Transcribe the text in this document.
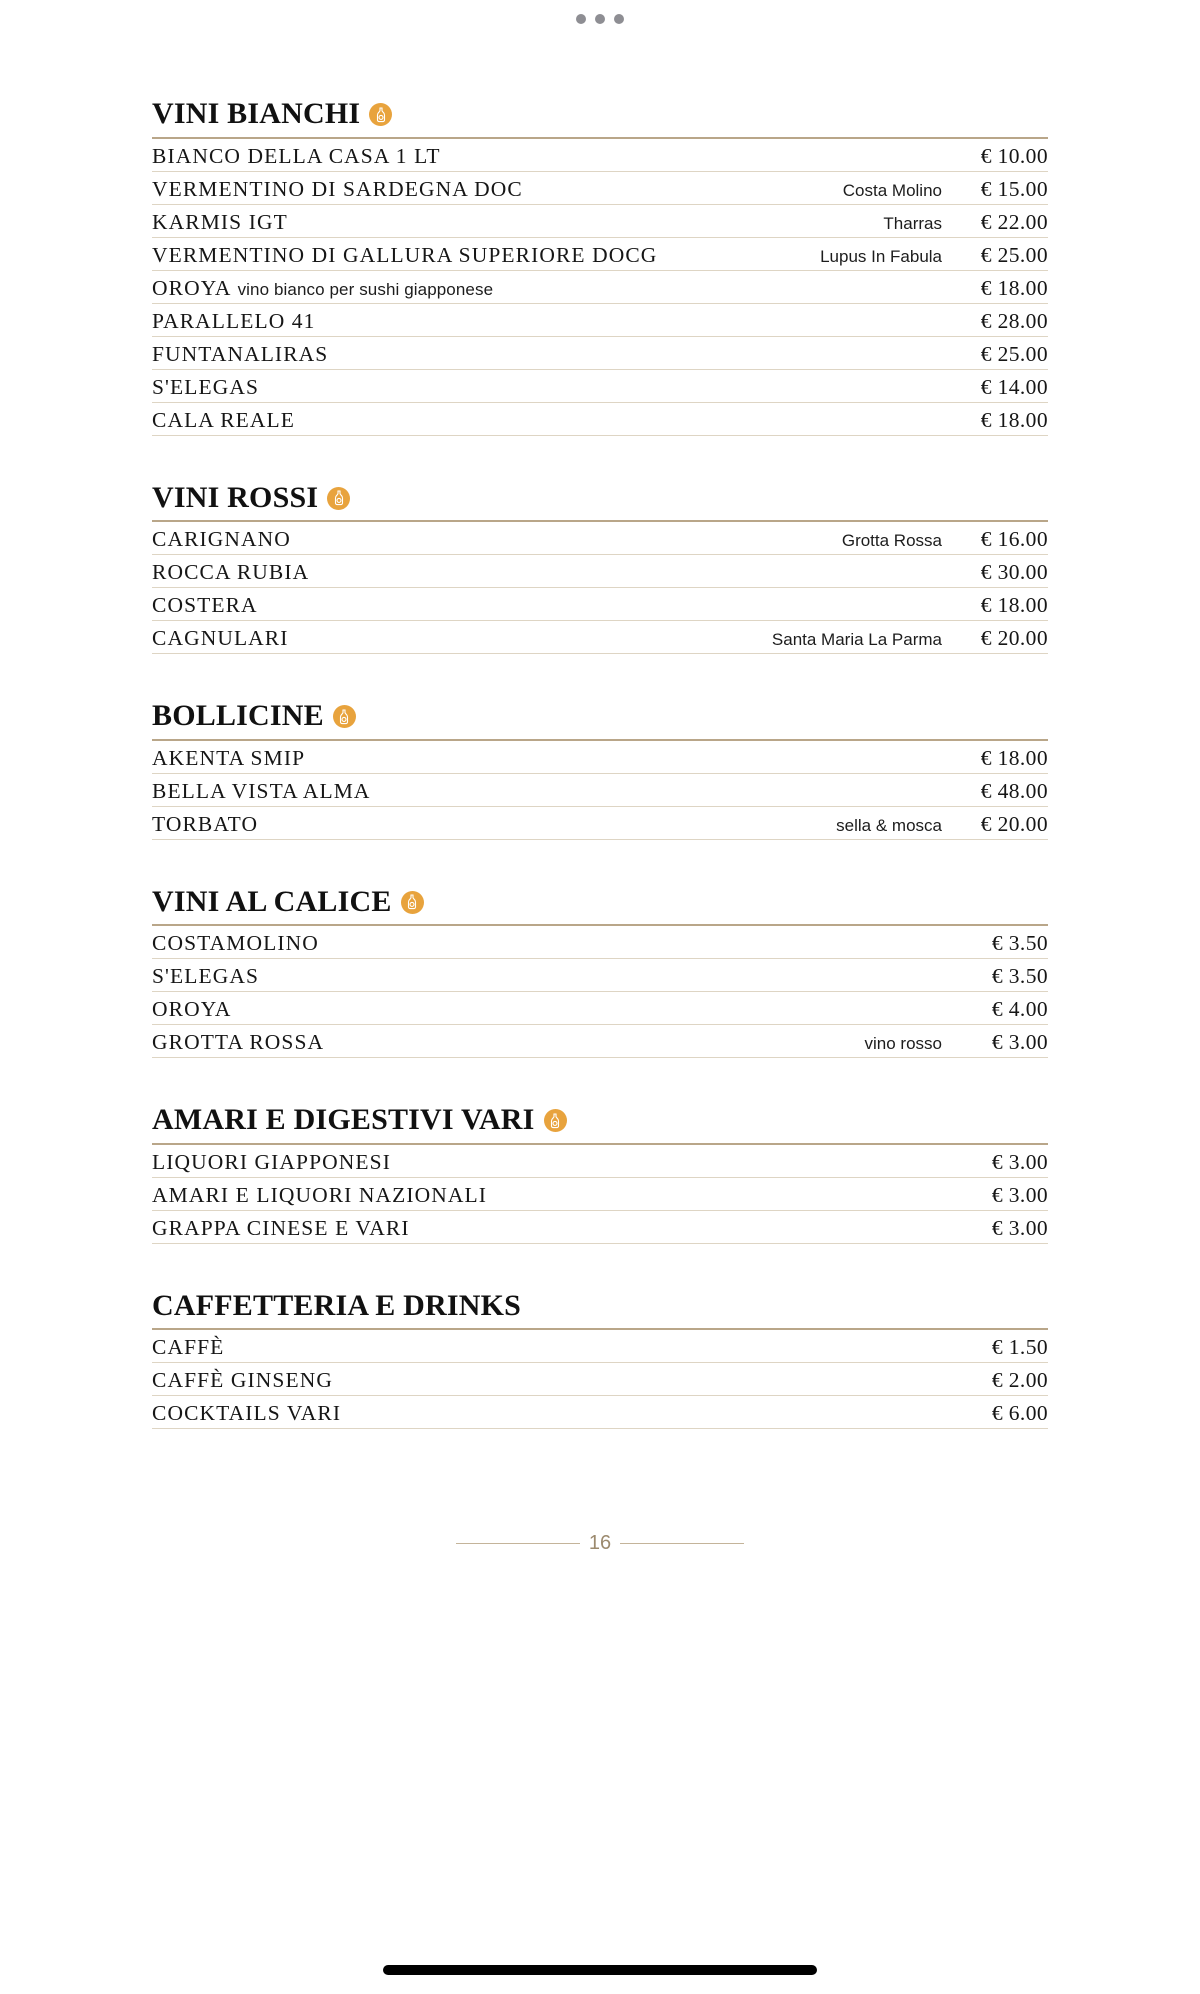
VINI BIANCHI
BIANCO DELLA CASA 1 LT	€ 10.00
VERMENTINO DI SARDEGNA DOC	Costa Molino	€ 15.00
KARMIS IGT	Tharras	€ 22.00
VERMENTINO DI GALLURA SUPERIORE DOCG	Lupus In Fabula	€ 25.00
OROYA vino bianco per sushi giapponese	€ 18.00
PARALLELO 41	€ 28.00
FUNTANALIRAS	€ 25.00
S'ELEGAS	€ 14.00
CALA REALE	€ 18.00
VINI ROSSI
CARIGNANO	Grotta Rossa	€ 16.00
ROCCA RUBIA	€ 30.00
COSTERA	€ 18.00
CAGNULARI	Santa Maria La Parma	€ 20.00
BOLLICINE
AKENTA SMIP	€ 18.00
BELLA VISTA ALMA	€ 48.00
TORBATO	sella & mosca	€ 20.00
VINI AL CALICE
COSTAMOLINO	€ 3.50
S'ELEGAS	€ 3.50
OROYA	€ 4.00
GROTTA ROSSA	vino rosso	€ 3.00
AMARI E DIGESTIVI VARI
LIQUORI GIAPPONESI	€ 3.00
AMARI E LIQUORI NAZIONALI	€ 3.00
GRAPPA CINESE E VARI	€ 3.00
CAFFETTERIA E DRINKS
CAFFÈ	€ 1.50
CAFFÈ GINSENG	€ 2.00
COCKTAILS VARI	€ 6.00
16
